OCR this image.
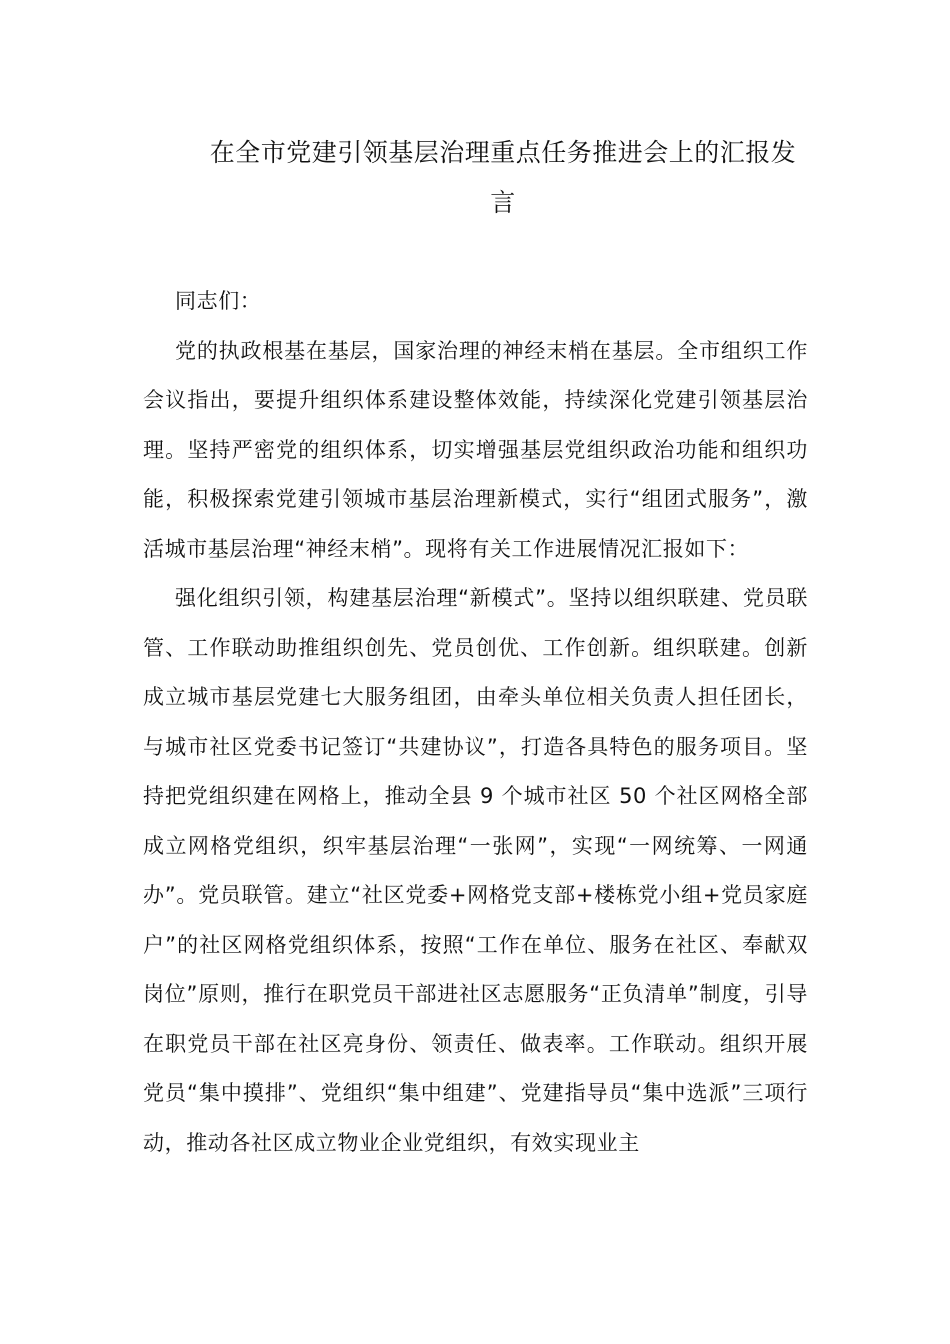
在全市党建引领基层治理重点任务推进会上的汇报发言

同志们：

党的执政根基在基层，国家治理的神经末梢在基层。全市组织工作会议指出，要提升组织体系建设整体效能，持续深化党建引领基层治理。坚持严密党的组织体系，切实增强基层党组织政治功能和组织功能，积极探索党建引领城市基层治理新模式，实行“组团式服务”，激活城市基层治理“神经末梢”。现将有关工作进展情况汇报如下：

强化组织引领，构建基层治理“新模式”。坚持以组织联建、党员联管、工作联动助推组织创先、党员创优、工作创新。组织联建。创新成立城市基层党建七大服务组团，由牵头单位相关负责人担任团长，与城市社区党委书记签订“共建协议”，打造各具特色的服务项目。坚持把党组织建在网格上，推动全县 9 个城市社区 50 个社区网格全部成立网格党组织，织牢基层治理“一张网”，实现“一网统筹、一网通办”。党员联管。建立“社区党委+网格党支部+楼栋党小组+党员家庭户”的社区网格党组织体系，按照“工作在单位、服务在社区、奉献双岗位”原则，推行在职党员干部进社区志愿服务“正负清单”制度，引导在职党员干部在社区亮身份、领责任、做表率。工作联动。组织开展党员“集中摸排”、党组织“集中组建”、党建指导员“集中选派”三项行动，推动各社区成立物业企业党组织，有效实现业主
